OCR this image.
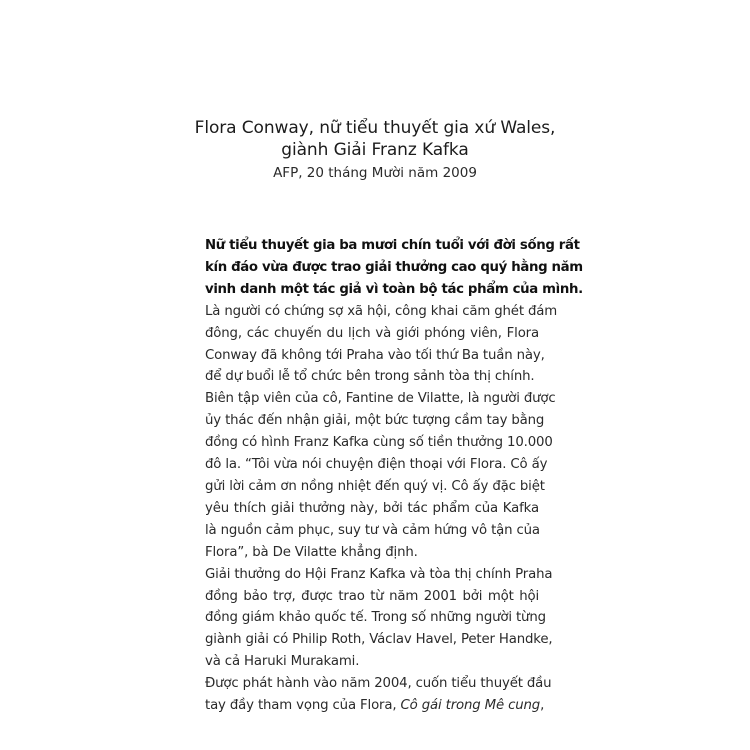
Flora Conway, nữ tiểu thuyết gia xứ Wales,
giành Giải Franz Kafka
AFP, 20 tháng Mười năm 2009
Nữ tiểu thuyết gia ba mươi chín tuổi với đời sống rất
kín đáo vừa được trao giải thưởng cao quý hằng năm
vinh danh một tác giả vì toàn bộ tác phẩm của mình.
Là người có chứng sợ xã hội, công khai căm ghét đám
đông, các chuyến du lịch và giới phóng viên, Flora
Conway đã không tới Praha vào tối thứ Ba tuần này,
để dự buổi lễ tổ chức bên trong sảnh tòa thị chính.
Biên tập viên của cô, Fantine de Vilatte, là người được
ủy thác đến nhận giải, một bức tượng cầm tay bằng
đồng có hình Franz Kafka cùng số tiền thưởng 10.000
đô la. “Tôi vừa nói chuyện điện thoại với Flora. Cô ấy
gửi lời cảm ơn nồng nhiệt đến quý vị. Cô ấy đặc biệt
yêu thích giải thưởng này, bởi tác phẩm của Kafka
là nguồn cảm phục, suy tư và cảm hứng vô tận của
Flora”, bà De Vilatte khẳng định.
Giải thưởng do Hội Franz Kafka và tòa thị chính Praha
đồng bảo trợ, được trao từ năm 2001 bởi một hội
đồng giám khảo quốc tế. Trong số những người từng
giành giải có Philip Roth, Václav Havel, Peter Handke,
và cả Haruki Murakami.
Được phát hành vào năm 2004, cuốn tiểu thuyết đầu
tay đầy tham vọng của Flora, Cô gái trong Mê cung,
